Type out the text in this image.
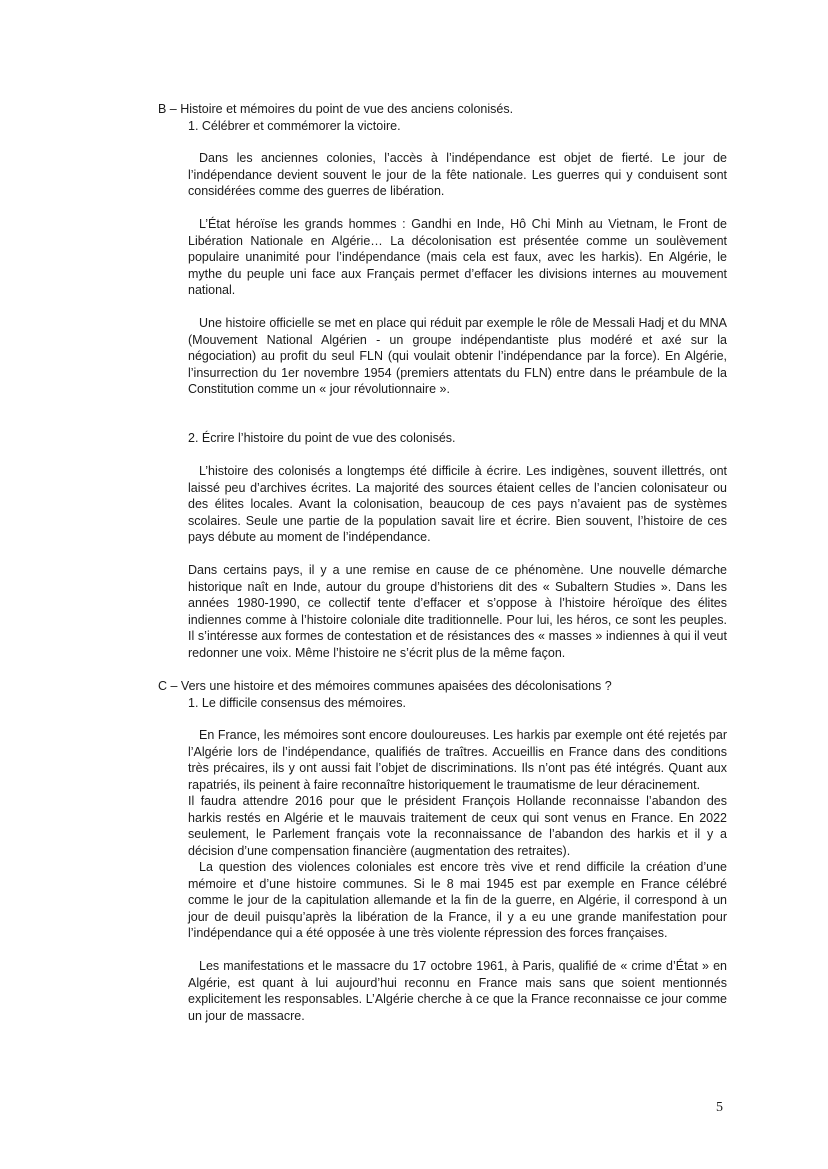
B – Histoire et mémoires du point de vue des anciens colonisés.
1. Célébrer et commémorer la victoire.

Dans les anciennes colonies, l’accès à l’indépendance est objet de fierté. Le jour de l’indépendance devient souvent le jour de la fête nationale. Les guerres qui y conduisent sont considérées comme des guerres de libération.

L’État héroïse les grands hommes : Gandhi en Inde, Hô Chi Minh au Vietnam, le Front de Libération Nationale en Algérie… La décolonisation est présentée comme un soulèvement populaire unanimité pour l’indépendance (mais cela est faux, avec les harkis). En Algérie, le mythe du peuple uni face aux Français permet d’effacer les divisions internes au mouvement national.

Une histoire officielle se met en place qui réduit par exemple le rôle de Messali Hadj et du MNA (Mouvement National Algérien - un groupe indépendantiste plus modéré et axé sur la négociation) au profit du seul FLN (qui voulait obtenir l’indépendance par la force). En Algérie, l’insurrection du 1er novembre 1954 (premiers attentats du FLN) entre dans le préambule de la Constitution comme un « jour révolutionnaire ».

2. Écrire l’histoire du point de vue des colonisés.

L’histoire des colonisés a longtemps été difficile à écrire. Les indigènes, souvent illettrés, ont laissé peu d’archives écrites. La majorité des sources étaient celles de l’ancien colonisateur ou des élites locales. Avant la colonisation, beaucoup de ces pays n’avaient pas de systèmes scolaires. Seule une partie de la population savait lire et écrire. Bien souvent, l’histoire de ces pays débute au moment de l’indépendance.

Dans certains pays, il y a une remise en cause de ce phénomène. Une nouvelle démarche historique naît en Inde, autour du groupe d’historiens dit des « Subaltern Studies ». Dans les années 1980-1990, ce collectif tente d’effacer et s’oppose à l’histoire héroïque des élites indiennes comme à l’histoire coloniale dite traditionnelle. Pour lui, les héros, ce sont les peuples. Il s’intéresse aux formes de contestation et de résistances des « masses » indiennes à qui il veut redonner une voix. Même l’histoire ne s’écrit plus de la même façon.

C – Vers une histoire et des mémoires communes apaisées des décolonisations ?
1. Le difficile consensus des mémoires.

En France, les mémoires sont encore douloureuses. Les harkis par exemple ont été rejetés par l’Algérie lors de l’indépendance, qualifiés de traîtres. Accueillis en France dans des conditions très précaires, ils y ont aussi fait l’objet de discriminations. Ils n’ont pas été intégrés. Quant aux rapatriés, ils peinent à faire reconnaître historiquement le traumatisme de leur déracinement.

Il faudra attendre 2016 pour que le président François Hollande reconnaisse l’abandon des harkis restés en Algérie et le mauvais traitement de ceux qui sont venus en France. En 2022 seulement, le Parlement français vote la reconnaissance de l’abandon des harkis et il y a décision d’une compensation financière (augmentation des retraites).

La question des violences coloniales est encore très vive et rend difficile la création d’une mémoire et d’une histoire communes. Si le 8 mai 1945 est par exemple en France célébré comme le jour de la capitulation allemande et la fin de la guerre, en Algérie, il correspond à un jour de deuil puisqu’après la libération de la France, il y a eu une grande manifestation pour l’indépendance qui a été opposée à une très violente répression des forces françaises.

Les manifestations et le massacre du 17 octobre 1961, à Paris, qualifié de « crime d’État » en Algérie, est quant à lui aujourd’hui reconnu en France mais sans que soient mentionnés explicitement les responsables. L’Algérie cherche à ce que la France reconnaisse ce jour comme un jour de massacre.

5
